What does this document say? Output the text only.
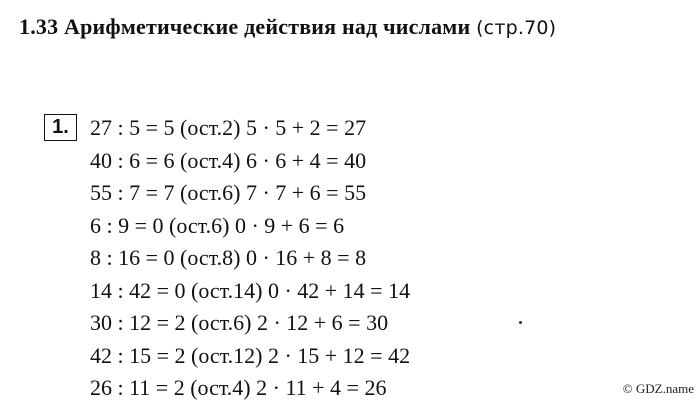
1.33 Арифметические действия над числами (стр.70)
1. 27 : 5 = 5 (ост.2) 5 · 5 + 2 = 27
40 : 6 = 6 (ост.4) 6 · 6 + 4 = 40
55 : 7 = 7 (ост.6) 7 · 7 + 6 = 55
6 : 9 = 0 (ост.6) 0 · 9 + 6 = 6
8 : 16 = 0 (ост.8) 0 · 16 + 8 = 8
14 : 42 = 0 (ост.14) 0 · 42 + 14 = 14
30 : 12 = 2 (ост.6) 2 · 12 + 6 = 30
42 : 15 = 2 (ост.12) 2 · 15 + 12 = 42
26 : 11 = 2 (ост.4) 2 · 11 + 4 = 26	© GDZ.name
